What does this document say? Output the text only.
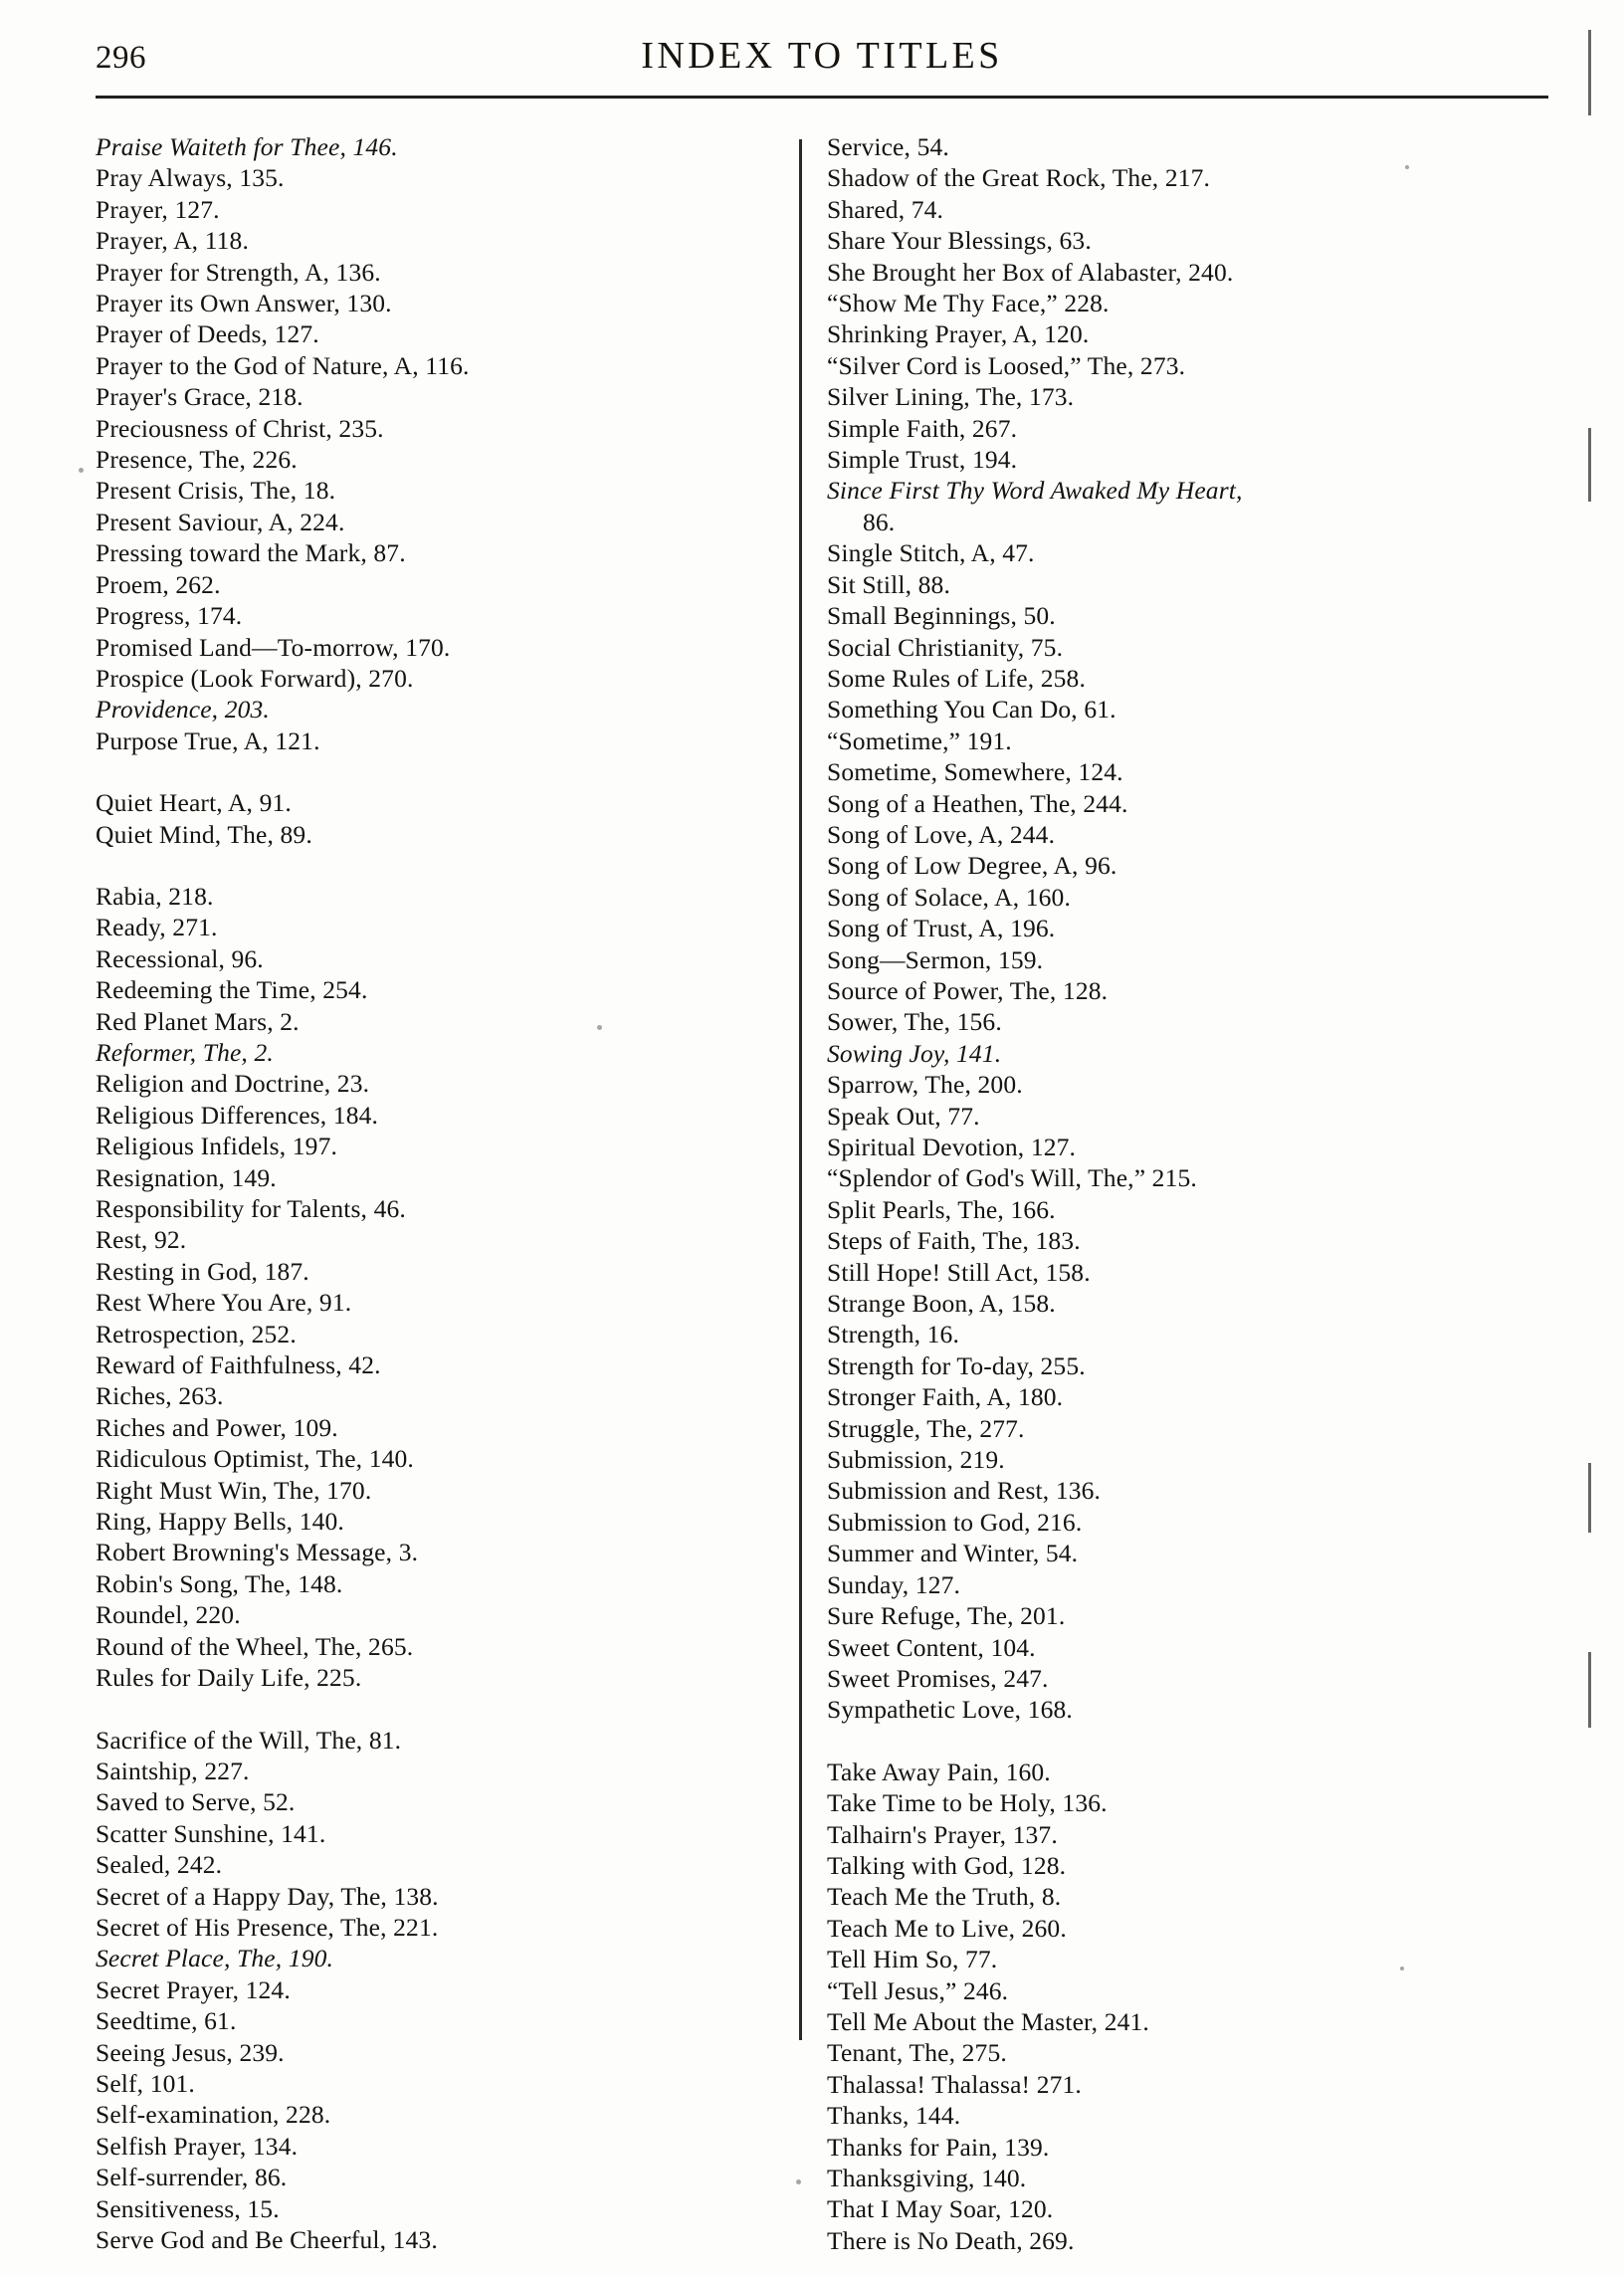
296	INDEX TO TITLES
Praise Waiteth for Thee, 146.
Pray Always, 135.
Prayer, 127.
Prayer, A, 118.
Prayer for Strength, A, 136.
Prayer its Own Answer, 130.
Prayer of Deeds, 127.
Prayer to the God of Nature, A, 116.
Prayer's Grace, 218.
Preciousness of Christ, 235.
Presence, The, 226.
Present Crisis, The, 18.
Present Saviour, A, 224.
Pressing toward the Mark, 87.
Proem, 262.
Progress, 174.
Promised Land—To-morrow, 170.
Prospice (Look Forward), 270.
Providence, 203.
Purpose True, A, 121.
Quiet Heart, A, 91.
Quiet Mind, The, 89.
Rabia, 218.
Ready, 271.
Recessional, 96.
Redeeming the Time, 254.
Red Planet Mars, 2.
Reformer, The, 2.
Religion and Doctrine, 23.
Religious Differences, 184.
Religious Infidels, 197.
Resignation, 149.
Responsibility for Talents, 46.
Rest, 92.
Resting in God, 187.
Rest Where You Are, 91.
Retrospection, 252.
Reward of Faithfulness, 42.
Riches, 263.
Riches and Power, 109.
Ridiculous Optimist, The, 140.
Right Must Win, The, 170.
Ring, Happy Bells, 140.
Robert Browning's Message, 3.
Robin's Song, The, 148.
Roundel, 220.
Round of the Wheel, The, 265.
Rules for Daily Life, 225.
Sacrifice of the Will, The, 81.
Saintship, 227.
Saved to Serve, 52.
Scatter Sunshine, 141.
Sealed, 242.
Secret of a Happy Day, The, 138.
Secret of His Presence, The, 221.
Secret Place, The, 190.
Secret Prayer, 124.
Seedtime, 61.
Seeing Jesus, 239.
Self, 101.
Self-examination, 228.
Selfish Prayer, 134.
Self-surrender, 86.
Sensitiveness, 15.
Serve God and Be Cheerful, 143.
Service, 54.
Shadow of the Great Rock, The, 217.
Shared, 74.
Share Your Blessings, 63.
She Brought her Box of Alabaster, 240.
“Show Me Thy Face,” 228.
Shrinking Prayer, A, 120.
“Silver Cord is Loosed,” The, 273.
Silver Lining, The, 173.
Simple Faith, 267.
Simple Trust, 194.
Since First Thy Word Awaked My Heart,
86.
Single Stitch, A, 47.
Sit Still, 88.
Small Beginnings, 50.
Social Christianity, 75.
Some Rules of Life, 258.
Something You Can Do, 61.
“Sometime,” 191.
Sometime, Somewhere, 124.
Song of a Heathen, The, 244.
Song of Love, A, 244.
Song of Low Degree, A, 96.
Song of Solace, A, 160.
Song of Trust, A, 196.
Song—Sermon, 159.
Source of Power, The, 128.
Sower, The, 156.
Sowing Joy, 141.
Sparrow, The, 200.
Speak Out, 77.
Spiritual Devotion, 127.
“Splendor of God's Will, The,” 215.
Split Pearls, The, 166.
Steps of Faith, The, 183.
Still Hope! Still Act, 158.
Strange Boon, A, 158.
Strength, 16.
Strength for To-day, 255.
Stronger Faith, A, 180.
Struggle, The, 277.
Submission, 219.
Submission and Rest, 136.
Submission to God, 216.
Summer and Winter, 54.
Sunday, 127.
Sure Refuge, The, 201.
Sweet Content, 104.
Sweet Promises, 247.
Sympathetic Love, 168.
Take Away Pain, 160.
Take Time to be Holy, 136.
Talhairn's Prayer, 137.
Talking with God, 128.
Teach Me the Truth, 8.
Teach Me to Live, 260.
Tell Him So, 77.
“Tell Jesus,” 246.
Tell Me About the Master, 241.
Tenant, The, 275.
Thalassa! Thalassa! 271.
Thanks, 144.
Thanks for Pain, 139.
Thanksgiving, 140.
That I May Soar, 120.
There is No Death, 269.
